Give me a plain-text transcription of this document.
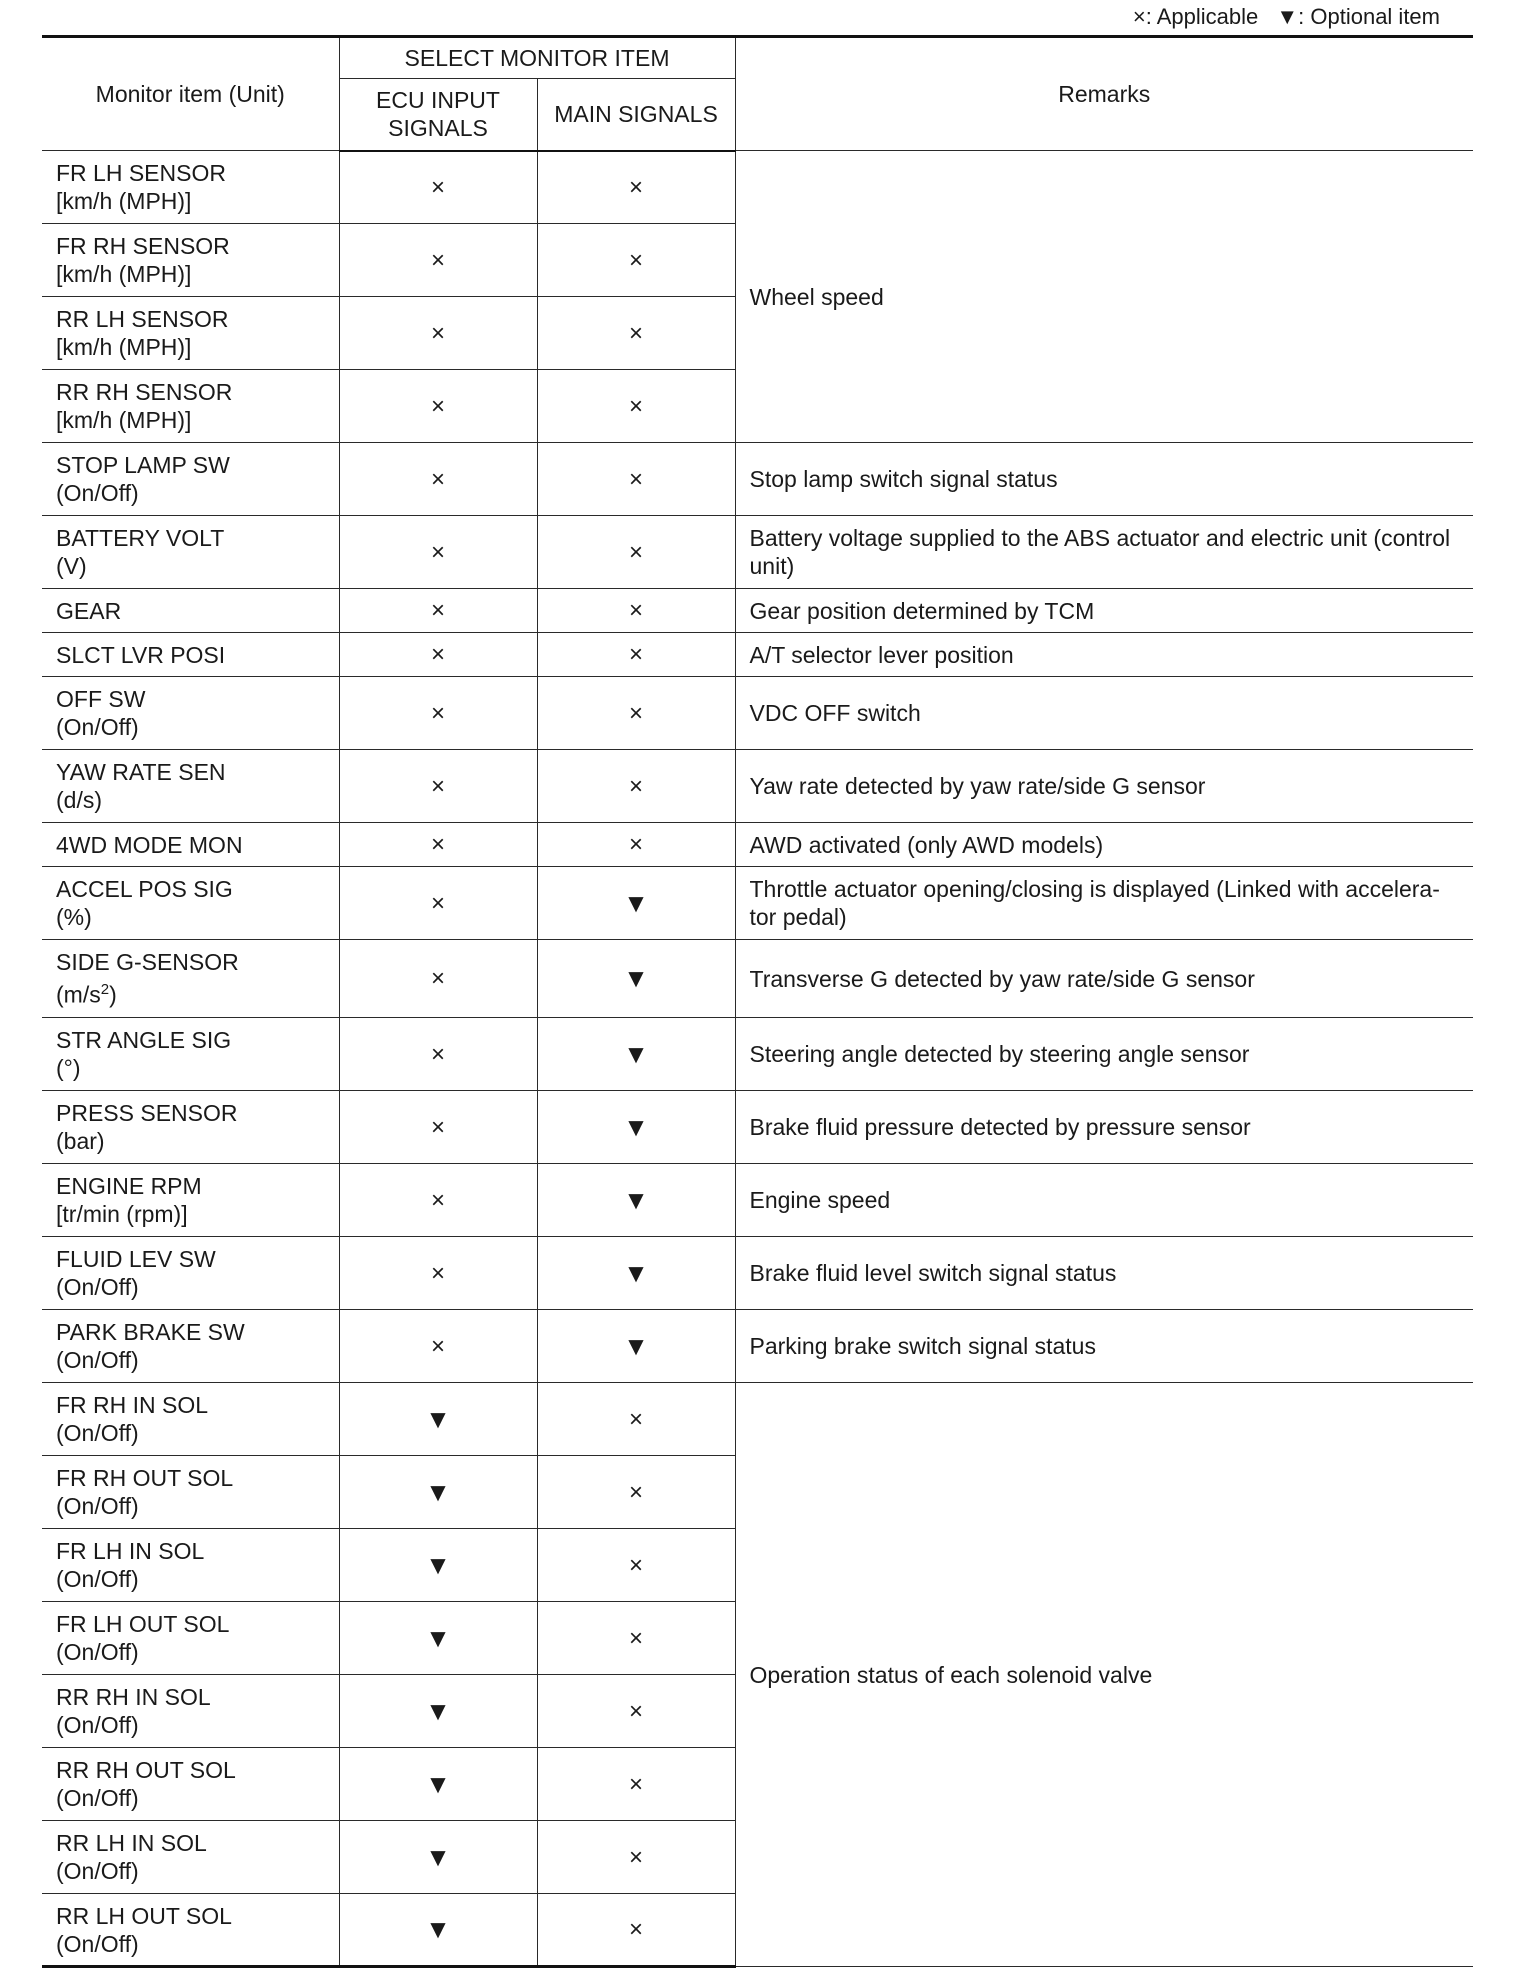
×: Applicable ▼: Optional item
Monitor item (Unit)	SELECT MONITOR ITEM		Remarks

	ECU INPUT
SIGNALS	MAIN SIGNALS	

FR LH SENSOR
[km/h (MPH)]	×	×	Wheel speed

FR RH SENSOR
[km/h (MPH)]	×	×	

RR LH SENSOR
[km/h (MPH)]	×	×	

RR RH SENSOR
[km/h (MPH)]	×	×	

STOP LAMP SW
(On/Off)	×	×	Stop lamp switch signal status

BATTERY VOLT
(V)	×	×	Battery voltage supplied to the ABS actuator and electric unit (control unit)
GEAR	×	×	Gear position determined by TCM
SLCT LVR POSI	×	×	A/T selector lever position

OFF SW
(On/Off)	×	×	VDC OFF switch

YAW RATE SEN
(d/s)	×	×	Yaw rate detected by yaw rate/side G sensor
4WD MODE MON	×	×	AWD activated (only AWD models)

ACCEL POS SIG
(%)	×	▼	Throttle actuator opening/closing is displayed (Linked with accelera-
tor pedal)

SIDE G-SENSOR
$(m/s^2)$	×	▼	Transverse G detected by yaw rate/side G sensor

STR ANGLE SIG
(°)	×	▼	Steering angle detected by steering angle sensor

PRESS SENSOR
(bar)	×	▼	Brake fluid pressure detected by pressure sensor

ENGINE RPM
[tr/min (rpm)]	×	▼	Engine speed

FLUID LEV SW
(On/Off)	×	▼	Brake fluid level switch signal status

PARK BRAKE SW
(On/Off)	×	▼	Parking brake switch signal status

FR RH IN SOL
(On/Off)	▼	×	Operation status of each solenoid valve

FR RH OUT SOL
(On/Off)	▼	×	

FR LH IN SOL
(On/Off)	▼	×	

FR LH OUT SOL
(On/Off)	▼	×	

RR RH IN SOL
(On/Off)	▼	×	

RR RH OUT SOL
(On/Off)	▼	×	

RR LH IN SOL
(On/Off)	▼	×	

RR LH OUT SOL
(On/Off)	▼	×	
